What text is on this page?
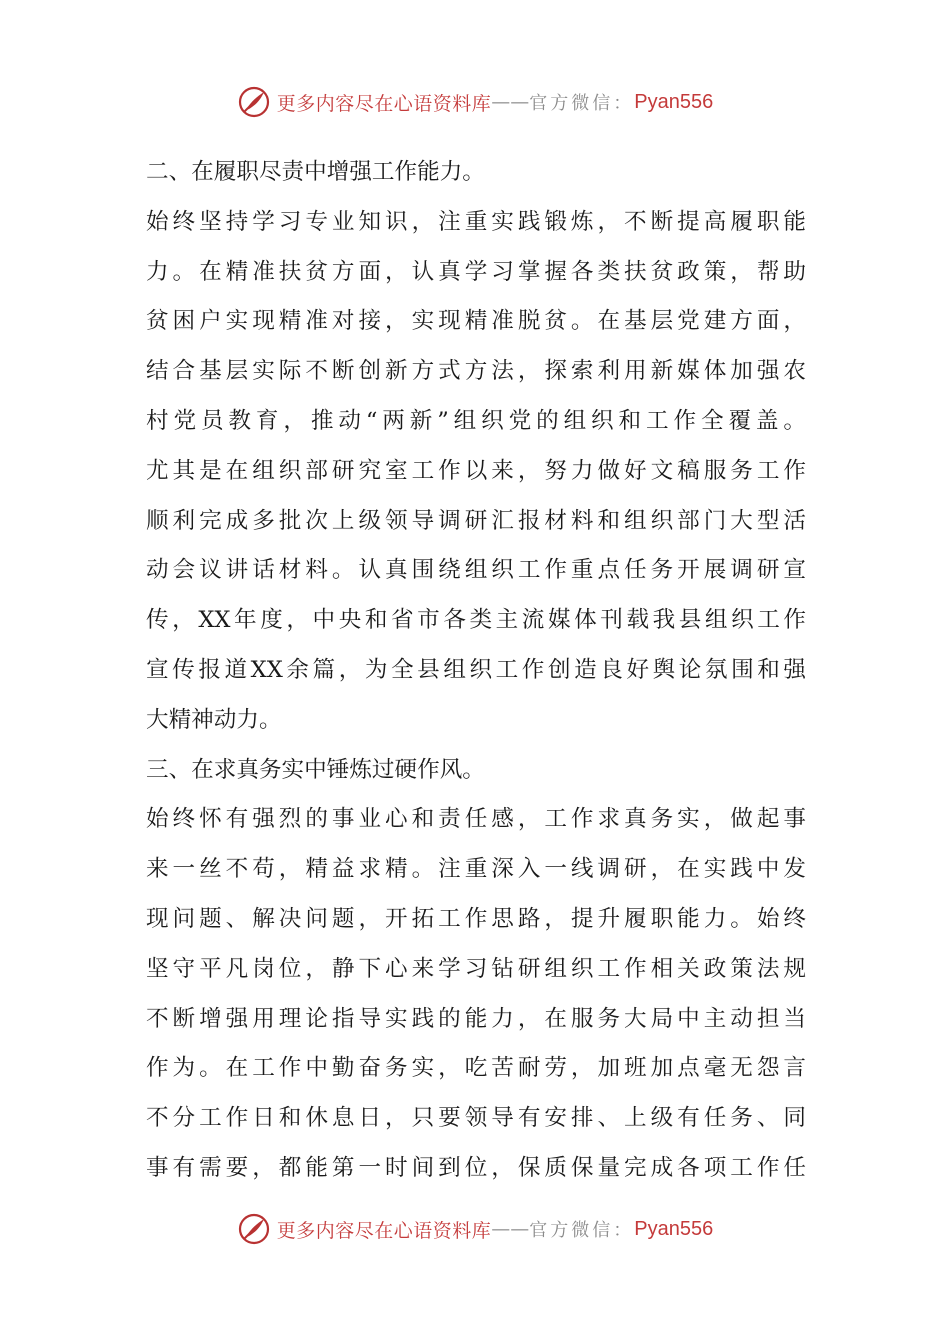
更多内容尽在心语资料库 —— 官方微信： Pyan556
二、在履职尽责中增强工作能力。
始终坚持学习专业知识，注重实践锻炼，不断提高履职能
力。在精准扶贫方面，认真学习掌握各类扶贫政策，帮助
贫困户实现精准对接，实现精准脱贫。在基层党建方面，
结合基层实际不断创新方式方法，探索利用新媒体加强农
村党员教育，推动“两新”组织党的组织和工作全覆盖。
尤其是在组织部研究室工作以来，努力做好文稿服务工作
顺利完成多批次上级领导调研汇报材料和组织部门大型活
动会议讲话材料。认真围绕组织工作重点任务开展调研宣
传，XX年度，中央和省市各类主流媒体刊载我县组织工作
宣传报道XX余篇，为全县组织工作创造良好舆论氛围和强
大精神动力。
三、在求真务实中锤炼过硬作风。
始终怀有强烈的事业心和责任感，工作求真务实，做起事
来一丝不苟，精益求精。注重深入一线调研，在实践中发
现问题、解决问题，开拓工作思路，提升履职能力。始终
坚守平凡岗位，静下心来学习钻研组织工作相关政策法规
不断增强用理论指导实践的能力，在服务大局中主动担当
作为。在工作中勤奋务实，吃苦耐劳，加班加点毫无怨言
不分工作日和休息日，只要领导有安排、上级有任务、同
事有需要，都能第一时间到位，保质保量完成各项工作任
更多内容尽在心语资料库 —— 官方微信： Pyan556
